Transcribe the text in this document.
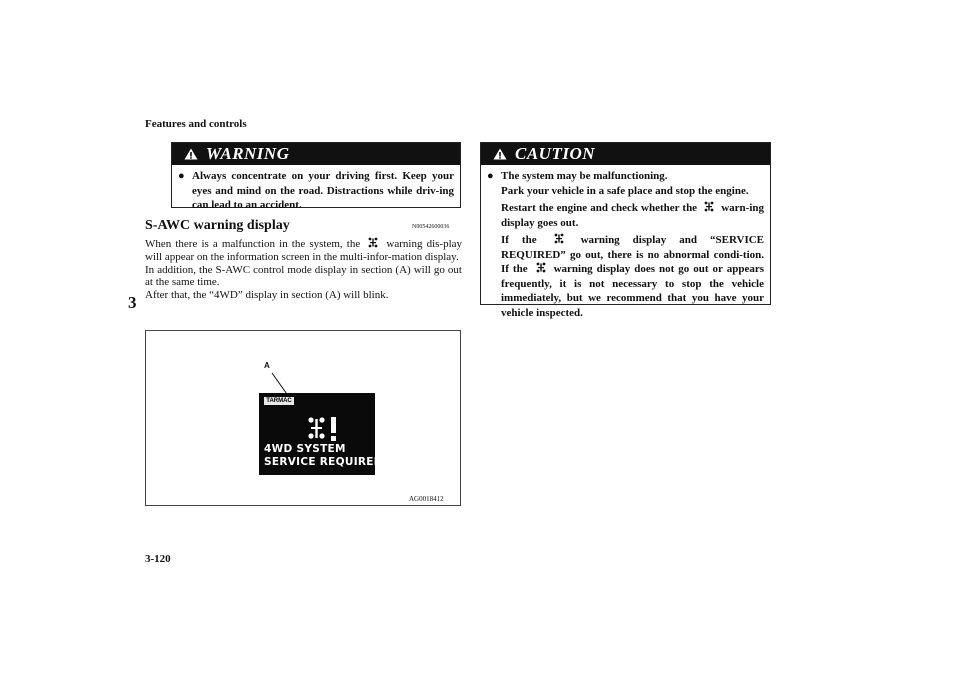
Features and controls
3
3-120
WARNING
● Always concentrate on your driving first. Keep your eyes and mind on the road. Distractions while driv-ing can lead to an accident.
S-AWC warning display	N00542600036

When there is a malfunction in the system, the warning dis-play will appear on the information screen in the multi-infor-mation display.

In addition, the S-AWC control mode display in section (A) will go out at the same time.

After that, the “4WD” display in section (A) will blink.

A
TARMAC
4WD SYSTEM
SERVICE REQUIRED
AG0018412
CAUTION
● The system may be malfunctioning.

Park your vehicle in a safe place and stop the engine.

Restart the engine and check whether the warn-ing display goes out.

If the	warning display and “SERVICE REQUIRED” go out, there is no abnormal condi-tion. If the warning display does not go out or appears frequently, it is not necessary to stop the vehicle immediately, but we recommend that you have your vehicle inspected.
